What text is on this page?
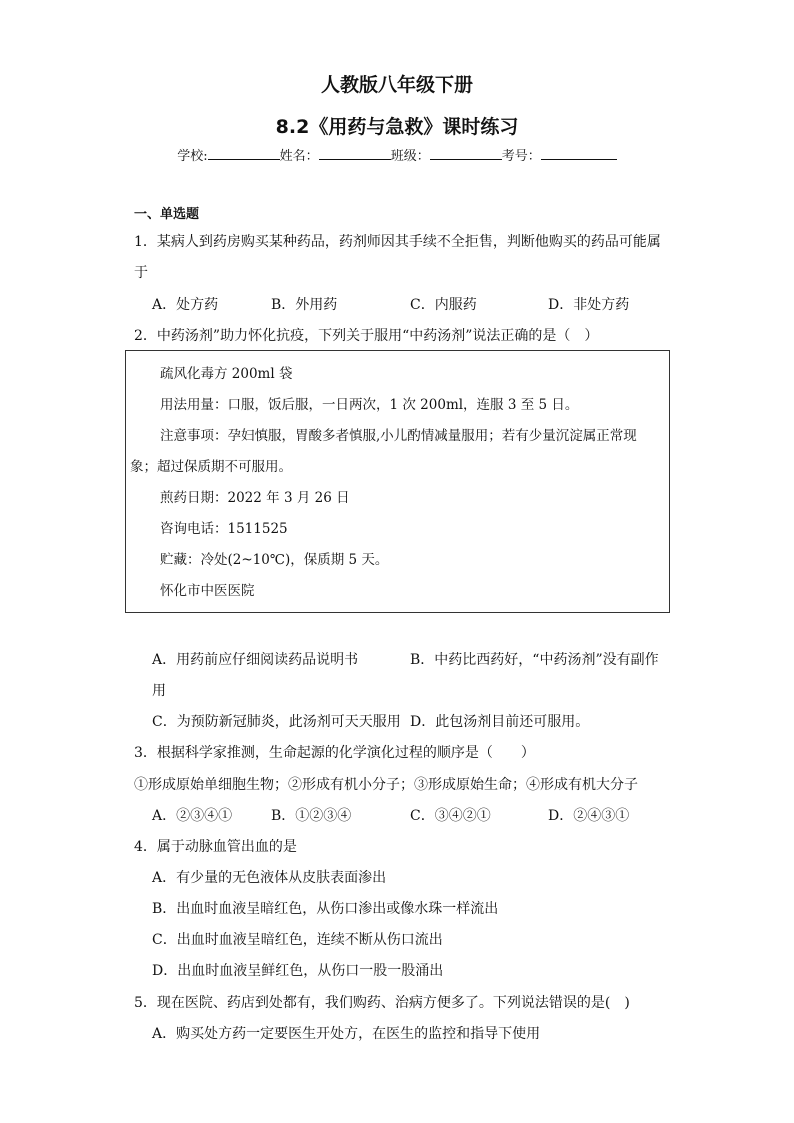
人教版八年级下册
8.2《用药与急救》课时练习
学校:	姓名：	班级：	考号：
一、单选题
1．某病人到药房购买某种药品，药剂师因其手续不全拒售，判断他购买的药品可能属
于
A．处方药	B．外用药	C．内服药	D．非处方药
2．中药汤剂”助力怀化抗疫，下列关于服用“中药汤剂”说法正确的是（　）
疏风化毒方 200ml 袋
用法用量：口服，饭后服，一日两次，1 次 200ml，连服 3 至 5 日。
注意事项：孕妇慎服，胃酸多者慎服,小儿酌情减量服用；若有少量沉淀属正常现
象；超过保质期不可服用。
煎药日期：2022 年 3 月 26 日
咨询电话：1511525
贮藏：冷处(2~10℃)，保质期 5 天。
怀化市中医医院
A．用药前应仔细阅读药品说明书	B．中药比西药好，“中药汤剂”没有副作
用
C．为预防新冠肺炎，此汤剂可天天服用 D．此包汤剂目前还可服用。
3．根据科学家推测，生命起源的化学演化过程的顺序是（　　）
①形成原始单细胞生物；②形成有机小分子；③形成原始生命；④形成有机大分子
A．②③④①	B．①②③④	C．③④②①	D．②④③①
4．属于动脉血管出血的是
A．有少量的无色液体从皮肤表面渗出
B．出血时血液呈暗红色，从伤口渗出或像水珠一样流出
C．出血时血液呈暗红色，连续不断从伤口流出
D．出血时血液呈鲜红色，从伤口一股一股涌出
5．现在医院、药店到处都有，我们购药、治病方便多了。下列说法错误的是(　)
A．购买处方药一定要医生开处方，在医生的监控和指导下使用
